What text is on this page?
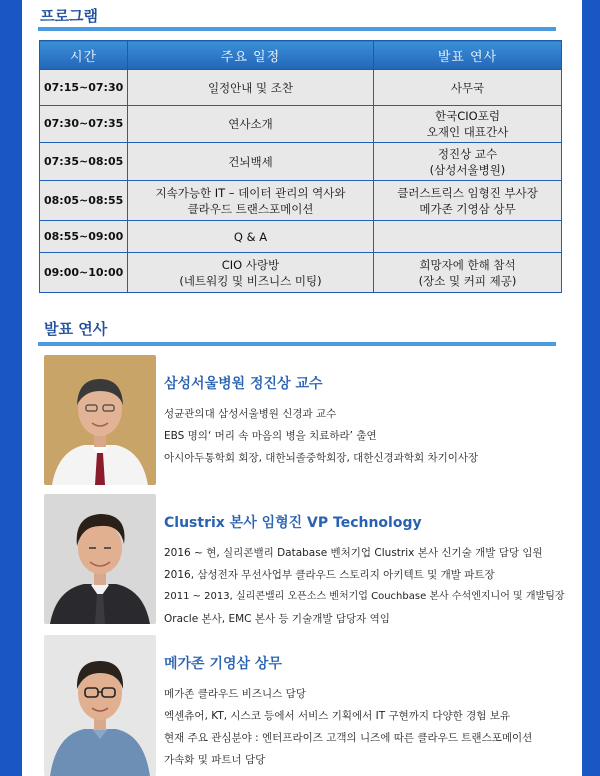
프로그램
시간	주요 일정	발표 연사
07:15~07:30	일정안내 및 조찬	사무국
07:30~07:35	연사소개	한국CIO포럼
오재인 대표간사
07:35~08:05	건뇌백세	정진상 교수
(삼성서울병원)
08:05~08:55	지속가능한 IT – 데이터 관리의 역사와
클라우드 트랜스포메이션	클러스트릭스 임형진 부사장
메가존 기영삼 상무
08:55~09:00	Q & A	
09:00~10:00	CIO 사랑방
(네트워킹 및 비즈니스 미팅)	희망자에 한해 참석
(장소 및 커피 제공)
발표 연사
삼성서울병원 정진상 교수
성균관의대 삼성서울병원 신경과 교수
EBS 명의‘ 머리 속 마음의 병을 치료하라’ 출연
아시아두통학회 회장, 대한뇌졸중학회장, 대한신경과학회 차기이사장
Clustrix 본사 임형진 VP Technology
2016 ~ 현, 실리콘밸리 Database 벤처기업 Clustrix 본사 신기술 개발 담당 임원
2016, 삼성전자 무선사업부 클라우드 스토리지 아키텍트 및 개발 파트장
2011 ~ 2013, 실리콘밸리 오픈소스 벤처기업 Couchbase 본사 수석엔지니어 및 개발팀장
Oracle 본사, EMC 본사 등 기술개발 담당자 역임
메가존 기영삼 상무
메가존 클라우드 비즈니스 담당
엑센츄어, KT, 시스코 등에서 서비스 기획에서 IT 구현까지 다양한 경험 보유
현재 주요 관심분야 : 엔터프라이즈 고객의 니즈에 따른 클라우드 트랜스포메이션
가속화 및 파트너 담당
